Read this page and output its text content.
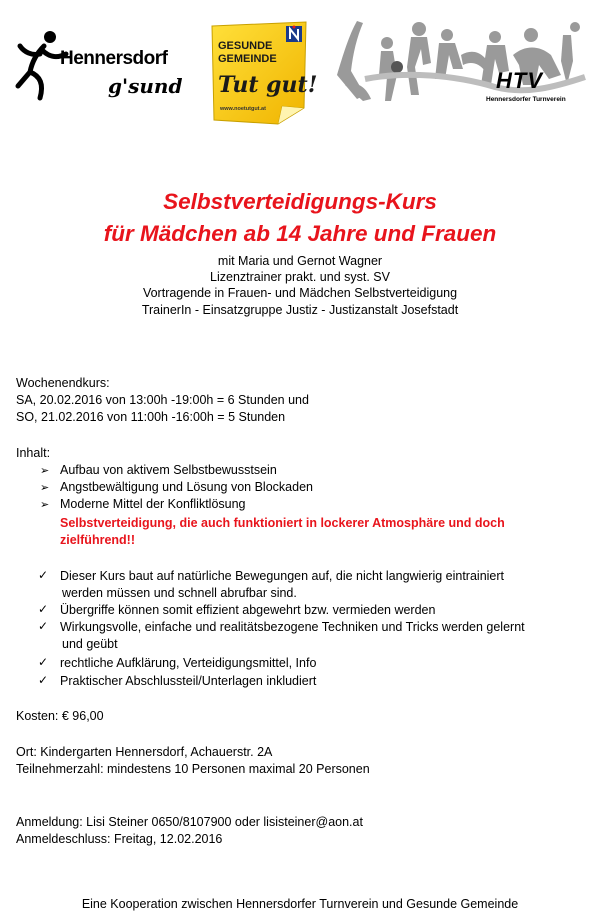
Hennersdorf
g'sund
GESUNDE
GEMEINDE
Tut gut!
www.noetutgut.at
HTV
Hennersdorfer Turnverein
Selbstverteidigungs-Kurs
für Mädchen ab 14 Jahre und Frauen
mit Maria und Gernot Wagner
Lizenztrainer prakt. und syst. SV
Vortragende in Frauen- und Mädchen Selbstverteidigung
TrainerIn - Einsatzgruppe Justiz - Justizanstalt Josefstadt
Wochenendkurs:
SA, 20.02.2016 von 13:00h -19:00h = 6 Stunden und
SO, 21.02.2016 von 11:00h -16:00h = 5 Stunden
Inhalt:
➢ Aufbau von aktivem Selbstbewusstsein
➢ Angstbewältigung und Lösung von Blockaden
➢ Moderne Mittel der Konfliktlösung
Selbstverteidigung, die auch funktioniert in lockerer Atmosphäre und doch
zielführend!!
✓ Dieser Kurs baut auf natürliche Bewegungen auf, die nicht langwierig eintrainiert
werden müssen und schnell abrufbar sind.
✓ Übergriffe können somit effizient abgewehrt bzw. vermieden werden
✓ Wirkungsvolle, einfache und realitätsbezogene Techniken und Tricks werden gelernt
und geübt
✓ rechtliche Aufklärung, Verteidigungsmittel, Info
✓ Praktischer Abschlussteil/Unterlagen inkludiert
Kosten: € 96,00
Ort: Kindergarten Hennersdorf, Achauerstr. 2A
Teilnehmerzahl: mindestens 10 Personen maximal 20 Personen
Anmeldung: Lisi Steiner 0650/8107900 oder lisisteiner@aon.at
Anmeldeschluss: Freitag, 12.02.2016
Eine Kooperation zwischen Hennersdorfer Turnverein und Gesunde Gemeinde
